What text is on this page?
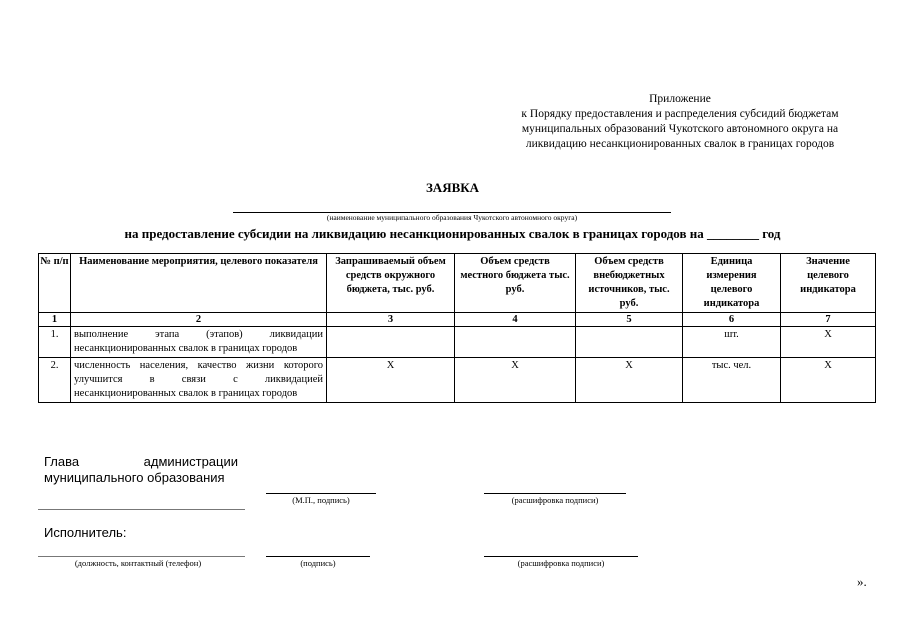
Приложение
к Порядку предоставления и распределения субсидий бюджетам
муниципальных образований Чукотского автономного округа на
ликвидацию несанкционированных свалок в границах городов
ЗАЯВКА
(наименование муниципального образования Чукотского автономного округа)
на предоставление субсидии на ликвидацию несанкционированных свалок в границах городов на ________ год
№ п/п	Наименование мероприятия, целевого показателя	Запрашиваемый объем средств окружного бюджета, тыс. руб.	Объем средств местного бюджета тыс. руб.	Объем средств внебюджетных источников, тыс. руб.	Единица измерения целевого индикатора	Значение целевого индикатора
1	2	3	4	5	6	7
1.	выполнение этапа (этапов) ликвидации несанкционированных свалок в границах городов				шт.	Х
2.	численность населения, качество жизни которого улучшится в связи с ликвидацией несанкционированных свалок в границах городов	Х	Х	Х	тыс. чел.	Х
Глава	администрации
муниципального образования
(М.П., подпись)	(расшифровка подписи)
Исполнитель:
(должность, контактный (телефон)	(подпись)	(расшифровка подписи)
».
